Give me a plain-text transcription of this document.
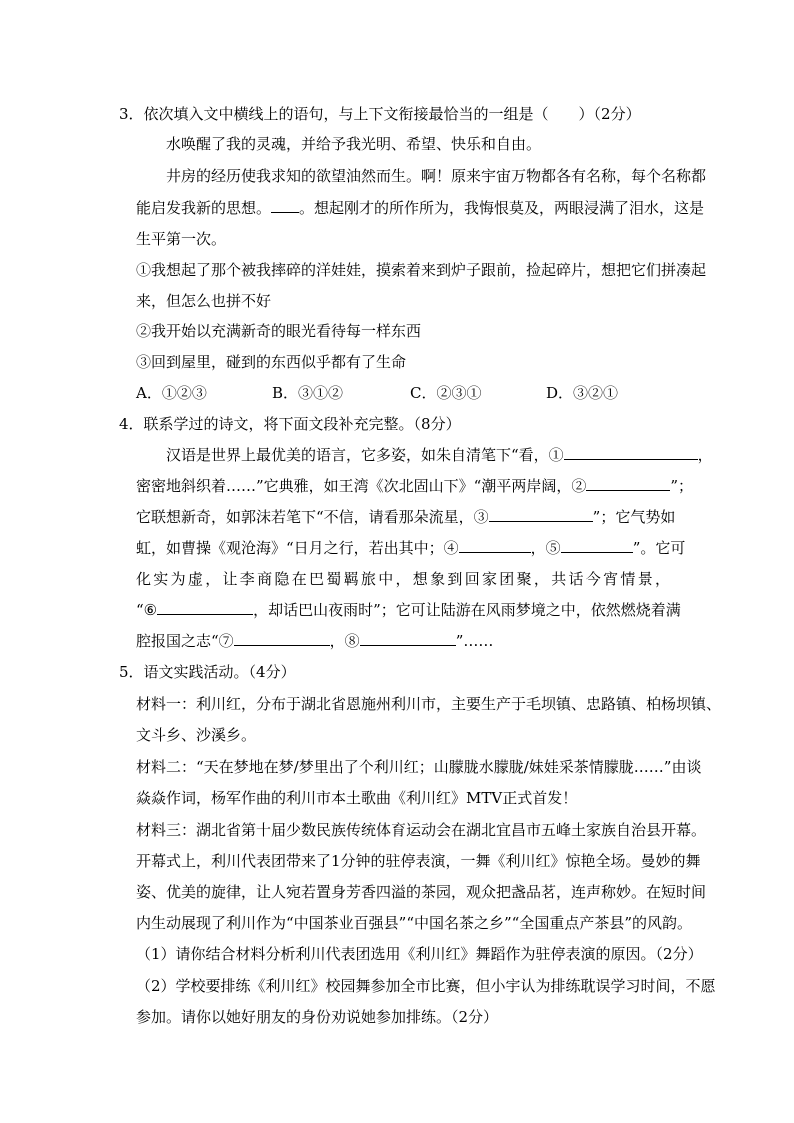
3．依次填入文中横线上的语句，与上下文衔接最恰当的一组是（　　）（2分）
水唤醒了我的灵魂，并给予我光明、希望、快乐和自由。
井房的经历使我求知的欲望油然而生。啊！原来宇宙万物都各有名称，每个名称都
能启发我新的思想。 。想起刚才的所作所为，我悔恨莫及，两眼浸满了泪水，这是
生平第一次。
①我想起了那个被我摔碎的洋娃娃，摸索着来到炉子跟前，捡起碎片，想把它们拼凑起
来，但怎么也拼不好
②我开始以充满新奇的眼光看待每一样东西
③回到屋里，碰到的东西似乎都有了生命
A．①②③	B．③①②	C．②③①	D．③②①
4．联系学过的诗文，将下面文段补充完整。（8分）
汉语是世界上最优美的语言，它多姿，如朱自清笔下“看，①	，
密密地斜织着……”它典雅，如王湾《次北固山下》“潮平两岸阔，②	”；
它联想新奇，如郭沫若笔下“不信，请看那朵流星，③	”；它气势如
虹，如曹操《观沧海》“日月之行，若出其中；④	，⑤	”。它可
化实为虚，让李商隐在巴蜀羁旅中，想象到回家团聚，共话今宵情景，
“⑥	，却话巴山夜雨时”；它可让陆游在风雨梦境之中，依然燃烧着满
腔报国之志“⑦	，⑧	”……
5．语文实践活动。（4分）
材料一：利川红，分布于湖北省恩施州利川市，主要生产于毛坝镇、忠路镇、柏杨坝镇、
文斗乡、沙溪乡。
材料二：“天在梦地在梦/梦里出了个利川红；山朦胧水朦胧/妹娃采茶情朦胧……”由谈
焱焱作词，杨军作曲的利川市本土歌曲《利川红》MTV正式首发！
材料三：湖北省第十届少数民族传统体育运动会在湖北宜昌市五峰土家族自治县开幕。
开幕式上，利川代表团带来了1分钟的驻停表演，一舞《利川红》惊艳全场。曼妙的舞
姿、优美的旋律，让人宛若置身芳香四溢的茶园，观众把盏品茗，连声称妙。在短时间
内生动展现了利川作为“中国茶业百强县”“中国名茶之乡”“全国重点产茶县”的风韵。
（1）请你结合材料分析利川代表团选用《利川红》舞蹈作为驻停表演的原因。（2分）
（2）学校要排练《利川红》校园舞参加全市比赛，但小宇认为排练耽误学习时间，不愿
参加。请你以她好朋友的身份劝说她参加排练。（2分）
